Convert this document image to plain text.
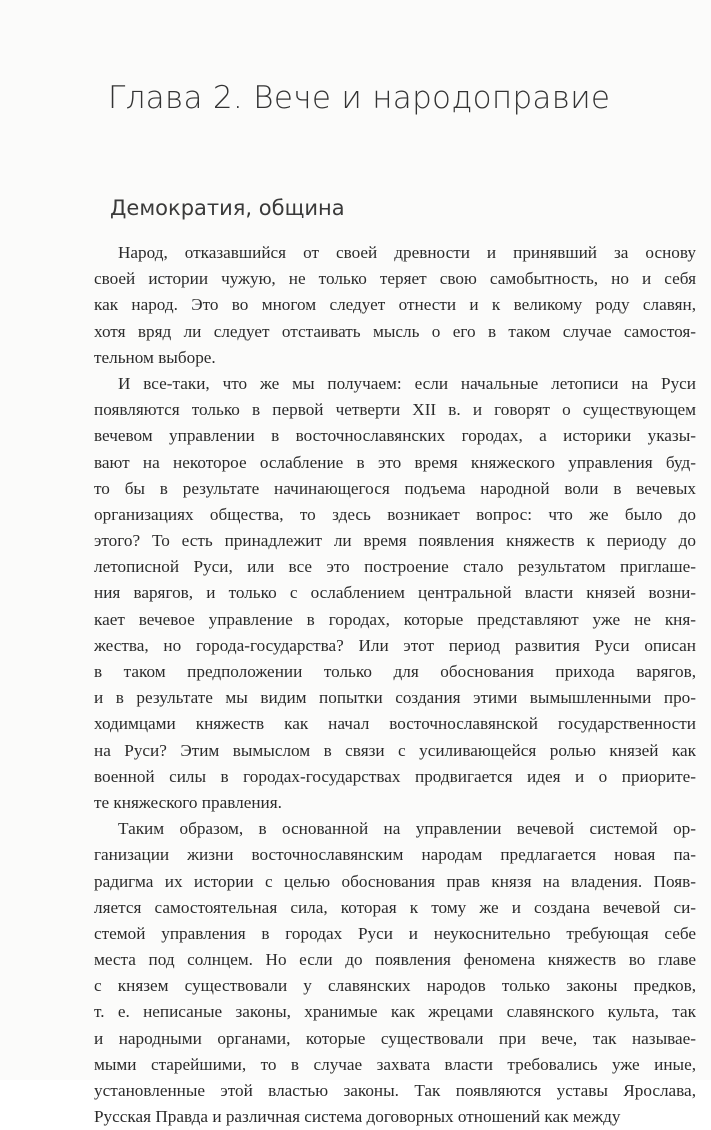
Глава 2. Вече и народоправие
Демократия, община
Народ, отказавшийся от своей древности и принявший за основу
своей истории чужую, не только теряет свою самобытность, но и себя
как народ. Это во многом следует отнести и к великому роду славян,
хотя вряд ли следует отстаивать мысль о его в таком случае самостоя-
тельном выборе.
И все-таки, что же мы получаем: если начальные летописи на Руси
появляются только в первой четверти XII в. и говорят о существующем
вечевом управлении в восточнославянских городах, а историки указы-
вают на некоторое ослабление в это время княжеского управления буд-
то бы в результате начинающегося подъема народной воли в вечевых
организациях общества, то здесь возникает вопрос: что же было до
этого? То есть принадлежит ли время появления княжеств к периоду до
летописной Руси, или все это построение стало результатом приглаше-
ния варягов, и только с ослаблением центральной власти князей возни-
кает вечевое управление в городах, которые представляют уже не кня-
жества, но города-государства? Или этот период развития Руси описан
в таком предположении только для обоснования прихода варягов,
и в результате мы видим попытки создания этими вымышленными про-
ходимцами княжеств как начал восточнославянской государственности
на Руси? Этим вымыслом в связи с усиливающейся ролью князей как
военной силы в городах-государствах продвигается идея и о приорите-
те княжеского правления.
Таким образом, в основанной на управлении вечевой системой ор-
ганизации жизни восточнославянским народам предлагается новая па-
радигма их истории с целью обоснования прав князя на владения. Появ-
ляется самостоятельная сила, которая к тому же и создана вечевой си-
стемой управления в городах Руси и неукоснительно требующая себе
места под солнцем. Но если до появления феномена княжеств во главе
с князем существовали у славянских народов только законы предков,
т. е. неписаные законы, хранимые как жрецами славянского культа, так
и народными органами, которые существовали при вече, так называе-
мыми старейшими, то в случае захвата власти требовались уже иные,
установленные этой властью законы. Так появляются уставы Ярослава,
Русская Правда и различная система договорных отношений как между
